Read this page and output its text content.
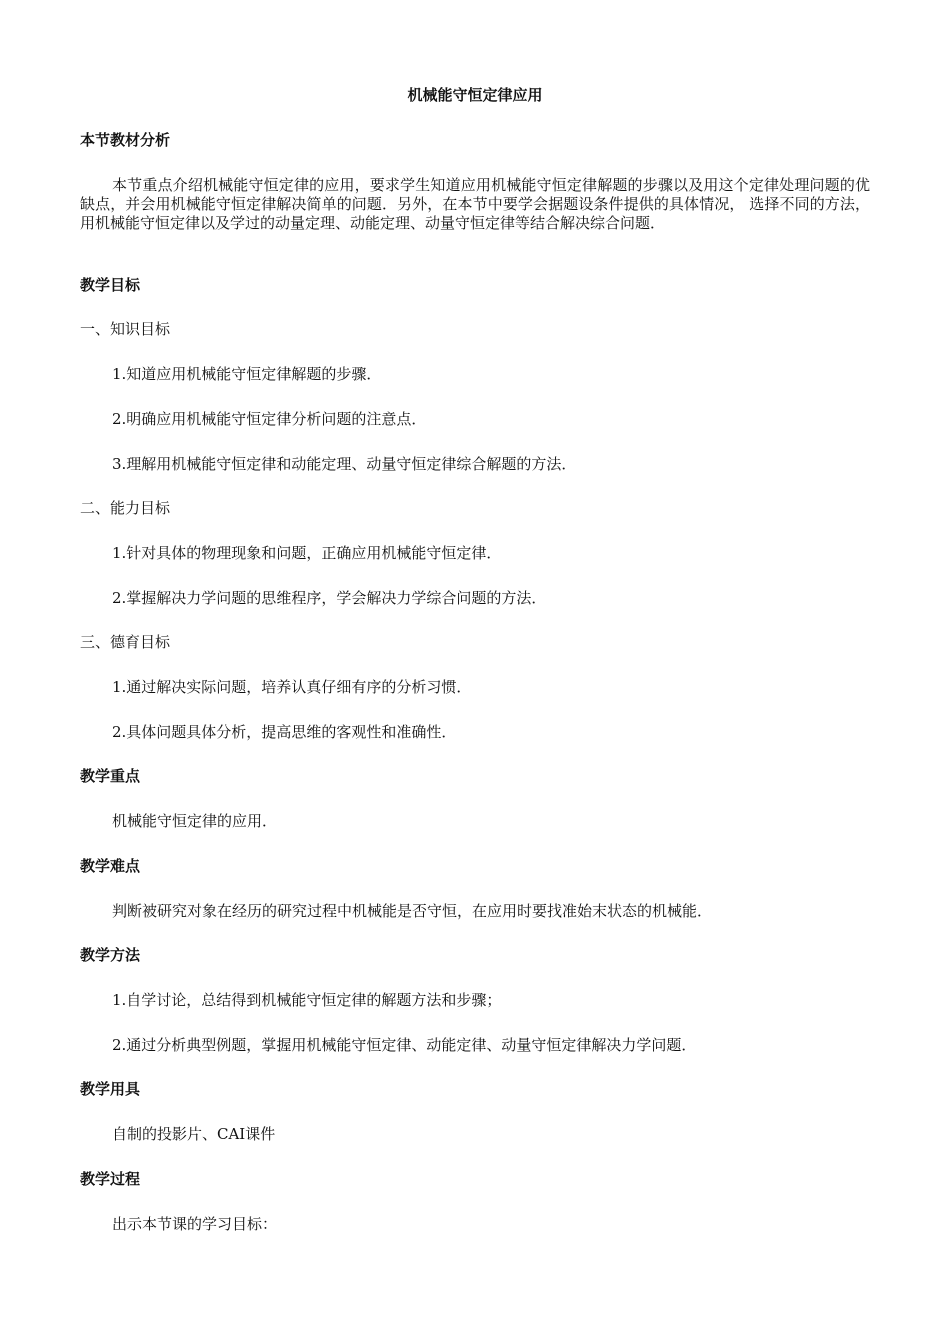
机械能守恒定律应用

本节教材分析

本节重点介绍机械能守恒定律的应用，要求学生知道应用机械能守恒定律解题的步骤以及用这个定律处理问题的优缺点，并会用机械能守恒定律解决简单的问题．另外，在本节中要学会据题设条件提供的具体情况， 选择不同的方法，用机械能守恒定律以及学过的动量定理、动能定理、动量守恒定律等结合解决综合问题．

教学目标

一、知识目标

1.知道应用机械能守恒定律解题的步骤．

2.明确应用机械能守恒定律分析问题的注意点．

3.理解用机械能守恒定律和动能定理、动量守恒定律综合解题的方法．

二、能力目标

1.针对具体的物理现象和问题，正确应用机械能守恒定律．

2.掌握解决力学问题的思维程序，学会解决力学综合问题的方法．

三、德育目标

1.通过解决实际问题，培养认真仔细有序的分析习惯．

2.具体问题具体分析，提高思维的客观性和准确性．

教学重点

机械能守恒定律的应用．

教学难点

判断被研究对象在经历的研究过程中机械能是否守恒，在应用时要找准始末状态的机械能．

教学方法

1.自学讨论，总结得到机械能守恒定律的解题方法和步骤；

2.通过分析典型例题，掌握用机械能守恒定律、动能定律、动量守恒定律解决力学问题．

教学用具

自制的投影片、CAI课件

教学过程

出示本节课的学习目标：
